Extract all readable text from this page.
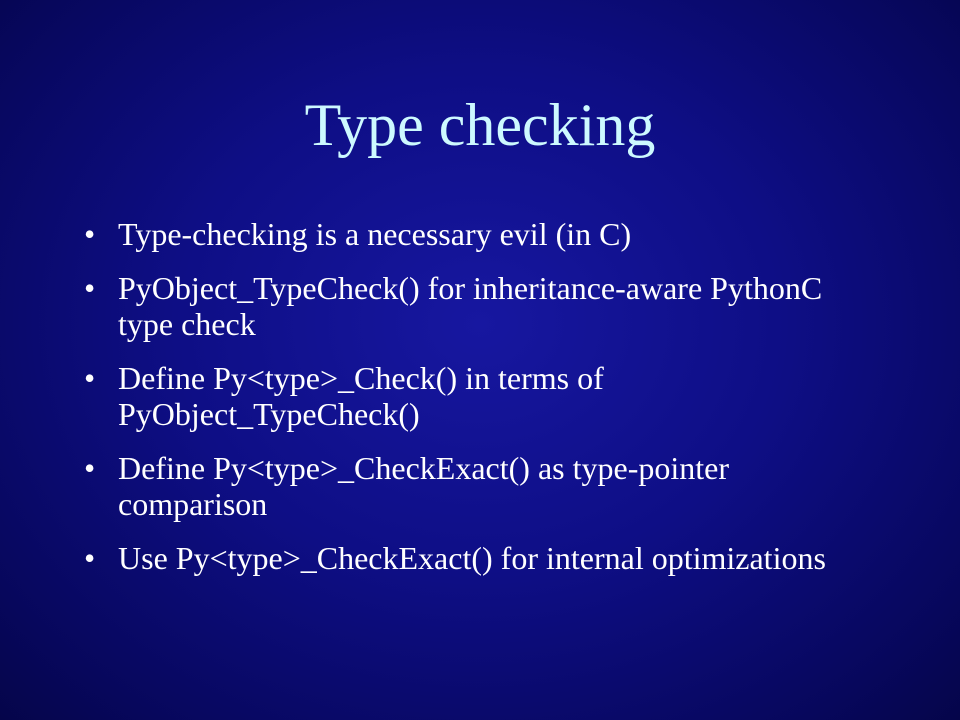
Type checking
• Type-checking is a necessary evil (in C)
• PyObject_TypeCheck() for inheritance-aware PythonC type check
• Define Py<type>_Check() in terms of PyObject_TypeCheck()
• Define Py<type>_CheckExact() as type-pointer comparison
• Use Py<type>_CheckExact() for internal optimizations
